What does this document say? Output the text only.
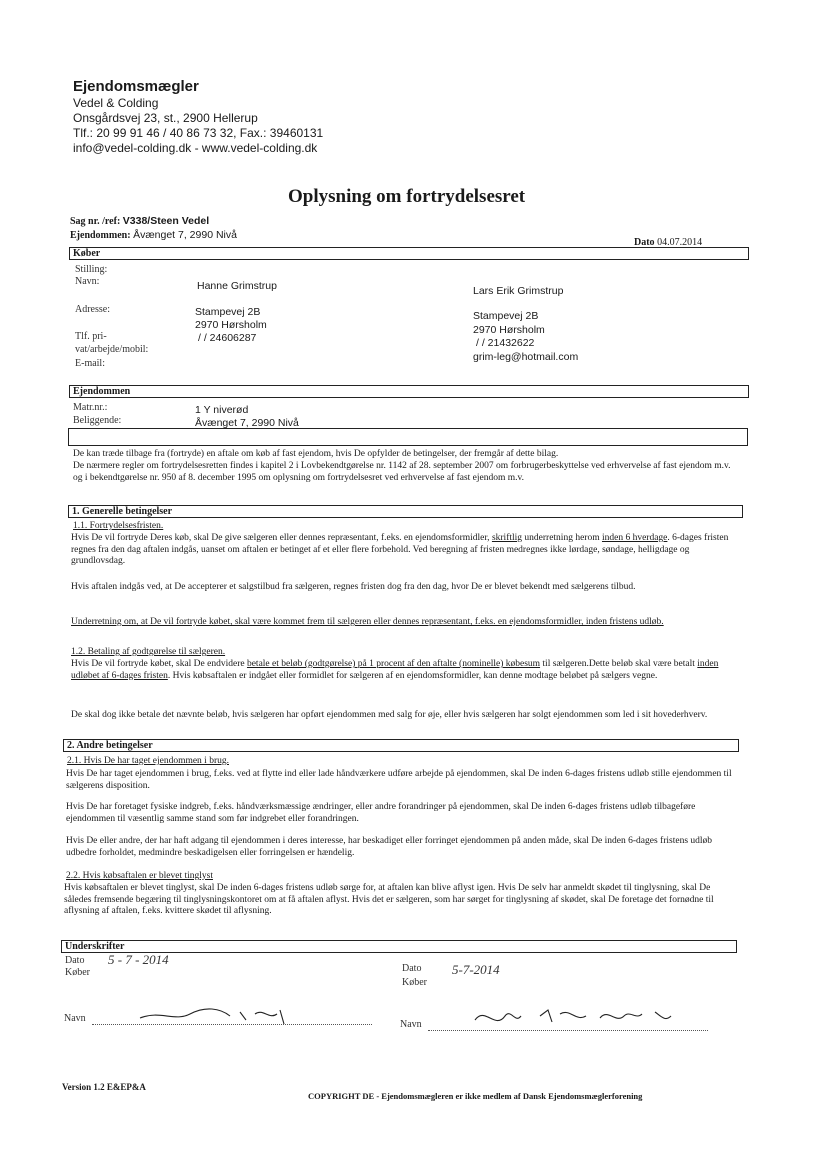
Ejendomsmægler
Vedel & Colding
Onsgårdsvej 23, st., 2900 Hellerup
Tlf.: 20 99 91 46 / 40 86 73 32, Fax.: 39460131
info@vedel-colding.dk - www.vedel-colding.dk
Oplysning om fortrydelsesret
Sag nr. /ref: V338/Steen Vedel
Ejendommen: Åvænget 7, 2990 Nivå
Dato 04.07.2014
Køber
Stilling:
Navn:
Adresse:
Tlf. pri-
vat/arbejde/mobil:
E-mail:
Hanne Grimstrup
Stampevej 2B
2970 Hørsholm
/ / 24606287
Lars Erik Grimstrup
Stampevej 2B
2970 Hørsholm
/ / 21432622
grim-leg@hotmail.com
Ejendommen
Matr.nr.:
Beliggende:
1 Y niverød
Åvænget 7, 2990 Nivå

De kan træde tilbage fra (fortryde) en aftale om køb af fast ejendom, hvis De opfylder de betingelser, der fremgår af dette bilag.

De nærmere regler om fortrydelsesretten findes i kapitel 2 i Lovbekendtgørelse nr. 1142 af 28. september 2007 om forbrugerbeskyttelse ved erhvervelse af fast ejendom m.v. og i bekendtgørelse nr. 950 af 8. december 1995 om oplysning om fortrydelsesret ved erhvervelse af fast ejendom m.v.

1. Generelle betingelser
1.1. Fortrydelsesfristen.

Hvis De vil fortryde Deres køb, skal De give sælgeren eller dennes repræsentant, f.eks. en ejendomsformidler, skriftlig underretning herom inden 6 hverdage. 6-dages fristen regnes fra den dag aftalen indgås, uanset om aftalen er betinget af et eller flere forbehold. Ved beregning af fristen medregnes ikke lørdage, søndage, helligdage og grundlovsdag.

Hvis aftalen indgås ved, at De accepterer et salgstilbud fra sælgeren, regnes fristen dog fra den dag, hvor De er blevet bekendt med sælgerens tilbud.

Underretning om, at De vil fortryde købet, skal være kommet frem til sælgeren eller dennes repræsentant, f.eks. en ejendomsformidler, inden fristens udløb.

1.2. Betaling af godtgørelse til sælgeren.

Hvis De vil fortryde købet, skal De endvidere betale et beløb (godtgørelse) på 1 procent af den aftalte (nominelle) købesum til sælgeren.Dette beløb skal være betalt inden udløbet af 6-dages fristen. Hvis købsaftalen er indgået eller formidlet for sælgeren af en ejendomsformidler, kan denne modtage beløbet på sælgers vegne.

De skal dog ikke betale det nævnte beløb, hvis sælgeren har opført ejendommen med salg for øje, eller hvis sælgeren har solgt ejendommen som led i sit hovederhverv.

2. Andre betingelser
2.1. Hvis De har taget ejendommen i brug.

Hvis De har taget ejendommen i brug, f.eks. ved at flytte ind eller lade håndværkere udføre arbejde på ejendommen, skal De inden 6-dages fristens udløb stille ejendommen til sælgerens disposition.

Hvis De har foretaget fysiske indgreb, f.eks. håndværksmæssige ændringer, eller andre forandringer på ejendommen, skal De inden 6-dages fristens udløb tilbageføre ejendommen til væsentlig samme stand som før indgrebet eller forandringen.

Hvis De eller andre, der har haft adgang til ejendommen i deres interesse, har beskadiget eller forringet ejendommen på anden måde, skal De inden 6-dages fristens udløb udbedre forholdet, medmindre beskadigelsen eller forringelsen er hændelig.

2.2. Hvis købsaftalen er blevet tinglyst

Hvis købsaftalen er blevet tinglyst, skal De inden 6-dages fristens udløb sørge for, at aftalen kan blive aflyst igen. Hvis De selv har anmeldt skødet til tinglysning, skal De således fremsende begæring til tinglysningskontoret om at få aftalen aflyst. Hvis det er sælgeren, som har sørget for tinglysning af skødet, skal De foretage det fornødne til aflysning af aftalen, f.eks. kvittere skødet til aflysning.

Underskrifter
Dato
Køber
5 - 7 - 2014
Dato
Køber
5-7-2014
Navn
Navn
Version 1.2 E&EP&A
COPYRIGHT DE - Ejendomsmægleren er ikke medlem af Dansk Ejendomsmæglerforening
